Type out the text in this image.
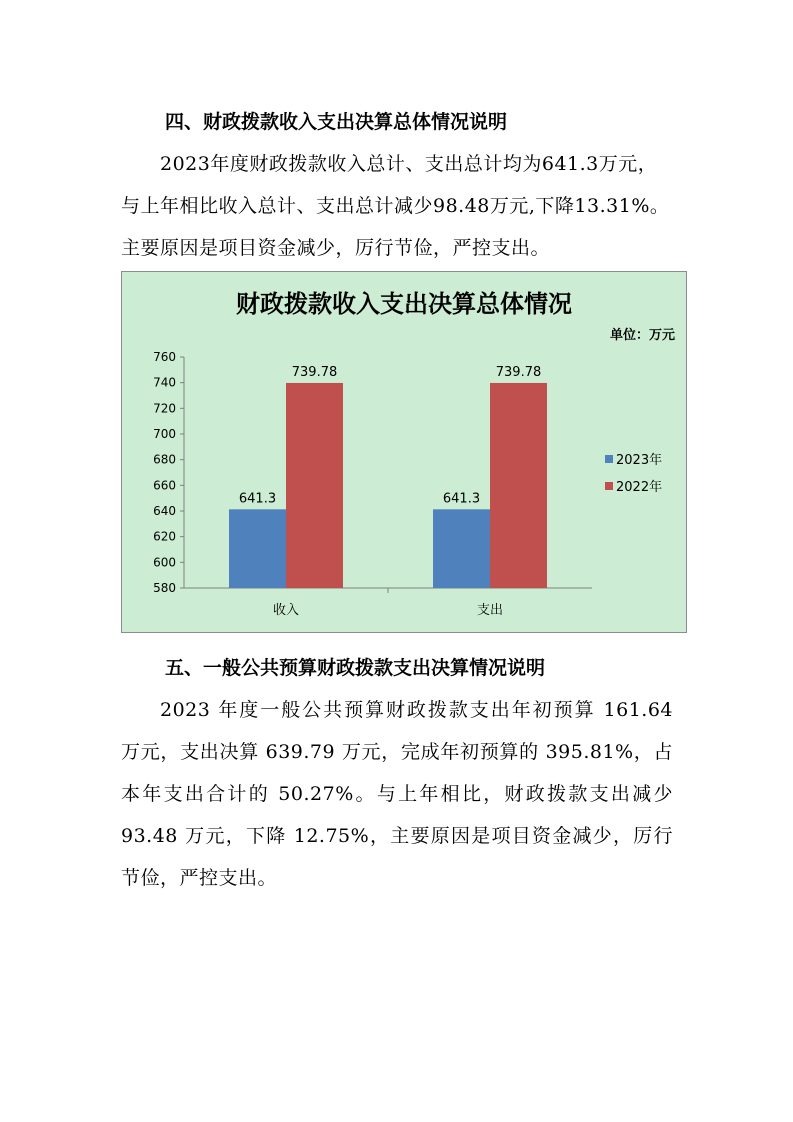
四、财政拨款收入支出决算总体情况说明
2023年度财政拨款收入总计、支出总计均为641.3万元，
与上年相比收入总计、支出总计减少98.48万元,下降13.31%。
主要原因是项目资金减少，厉行节俭，严控支出。
财政拨款收入支出决算总体情况
单位：万元
580
600
620
640
660
680
700
720
740
760
收入
641.3
739.78
支出
641.3
739.78
2023年
2022年
五、一般公共预算财政拨款支出决算情况说明
2023 年度一般公共预算财政拨款支出年初预算 161.64
万元，支出决算 639.79 万元，完成年初预算的 395.81%，占
本年支出合计的 50.27%。与上年相比，财政拨款支出减少
93.48 万元，下降 12.75%，主要原因是项目资金减少，厉行
节俭，严控支出。
